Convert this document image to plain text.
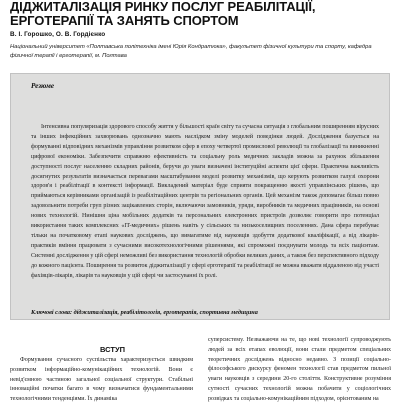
ДІДЖИТАЛІЗАЦІЯ РИНКУ ПОСЛУГ РЕАБІЛІТАЦІЇ, ЕРГОТЕРАПІЇ ТА ЗАНЯТЬ СПОРТОМ
В. І. Горошко, О. В. Гордієнко
Національний університет «Полтавська політехніка імені Юрія Кондратюка», факультет фізичної культури та спорту, кафедра фізичної терапії і ерготерапії, м. Полтава
Резюме
Інтенсивна популяризація здорового способу життя у більшості країн світу та сучасна ситуація з глобальним поширенням вірусних та інших інфекційних захворювань однозначно мають наслідком зміну моделей поведінки людей. Дослідження базується на формуванні відповідних механізмів управління розвитком сфер в епоху четвертої промислової революції та глобалізації та виникненні цифрової економіки. Забезпечити справжню ефективність та соціальну роль медичних закладів можна за рахунок збільшення доступності послуг населенню складних районів, беручи до уваги визначені інституційні аспекти цієї сфери. Практична важливість досягнутих результатів визначається перевагами масштабування моделі розвитку механізмів, що керують розвитком галузі охорони здоров'я і реабілітації в контексті інформації. Викладений матеріал буде сприяти покращенню якості управлінських рішень, що приймаються керівниками організацій із реабілітаційних центрів та регіональних органів. Цей механізм також допомагає більш повно задовольнити потреби груп різних зацікавлених сторін, включаючи замовників, уряди, виробників та медичних працівників, на основі нових технологій. Нинішня ціна мобільних додатків та персональних електронних пристроїв дозволяє говорити про потенціал використання таких комплексних «IT-медичних» рішень навіть у сільських та низькоселищних поселеннях. Дана сфера перебуває тільки на початковому етапі наукових досліджень, що вимагатиме від науковців здобуття додаткової кваліфікації, а від лікарів-практиків вміння працювати з сучасними високотехнологічними рішеннями, які спроможні поєднувати молодь та всіх пацієнтам. Системні дослідження у цій сфері неможливі без використання технологій обробки великих даних, а також без перспективного підходу до кожного пацієнта. Поширення та розвиток діджиталізації у сфері ерготерапії та реабілітації не можна вважати віддаленою від участі фахівців-лікарів, лікарів та науковців у цій сфері чи застосуванні їх ролі.
Ключові слова: діджиталізація, реабілітологія, ерготерапія, спортивна медицина
ВСТУП
Формування сучасного суспільства характеризується швидким розвитком інформаційно-комунікаційних технологій. Вони є невід'ємною частиною загальної соціальної структури. Стабільні інноваційні початки багато в чому визначатися фундаментальними технологічними тенденціями. Їх динаміка
суперсистему. Незважаючи на те, що нові технології супроводжують людей за всіх етапах еволюції, вони стали предметом спеціальних теоретичних досліджень відносно недавно. З позиції соціально-філософського дискурсу феномен технології став предметом пильної уваги науковців з середини 20-го століття. Конструктивне розуміння сутності сучасних технологій можна побачити у соціологічних розвідках та соціально-комунікаційним підходом, орієнтованим на
